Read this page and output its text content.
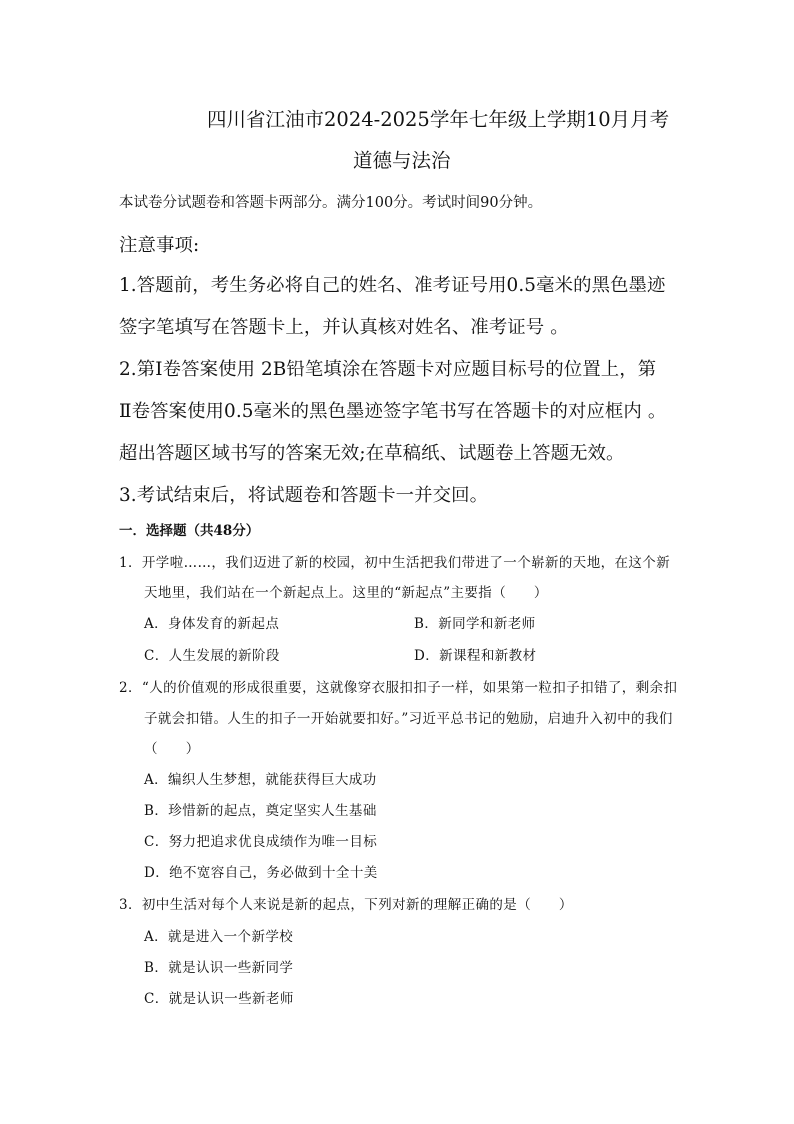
四川省江油市2024-2025学年七年级上学期10月月考
道德与法治
本试卷分试题卷和答题卡两部分。满分100分。考试时间90分钟。
注意事项:
1.答题前，考生务必将自己的姓名、准考证号用0.5毫米的黑色墨迹
签字笔填写在答题卡上，并认真核对姓名、准考证号 。
2.第I卷答案使用 2B铅笔填涂在答题卡对应题目标号的位置上，第
Ⅱ卷答案使用0.5毫米的黑色墨迹签字笔书写在答题卡的对应框内 。
超出答题区域书写的答案无效;在草稿纸、试题卷上答题无效。
3.考试结束后，将试题卷和答题卡一并交回。
一．选择题（共48分）
1．开学啦……，我们迈进了新的校园，初中生活把我们带进了一个崭新的天地，在这个新
天地里，我们站在一个新起点上。这里的“新起点”主要指（　　）
A．身体发育的新起点	B．新同学和新老师
C．人生发展的新阶段	D．新课程和新教材
2．“人的价值观的形成很重要，这就像穿衣服扣扣子一样，如果第一粒扣子扣错了，剩余扣
子就会扣错。人生的扣子一开始就要扣好。”习近平总书记的勉励，启迪升入初中的我们
（　　）
A．编织人生梦想，就能获得巨大成功
B．珍惜新的起点，奠定坚实人生基础
C．努力把追求优良成绩作为唯一目标
D．绝不宽容自己，务必做到十全十美
3．初中生活对每个人来说是新的起点，下列对新的理解正确的是（　　）
A．就是进入一个新学校
B．就是认识一些新同学
C．就是认识一些新老师
